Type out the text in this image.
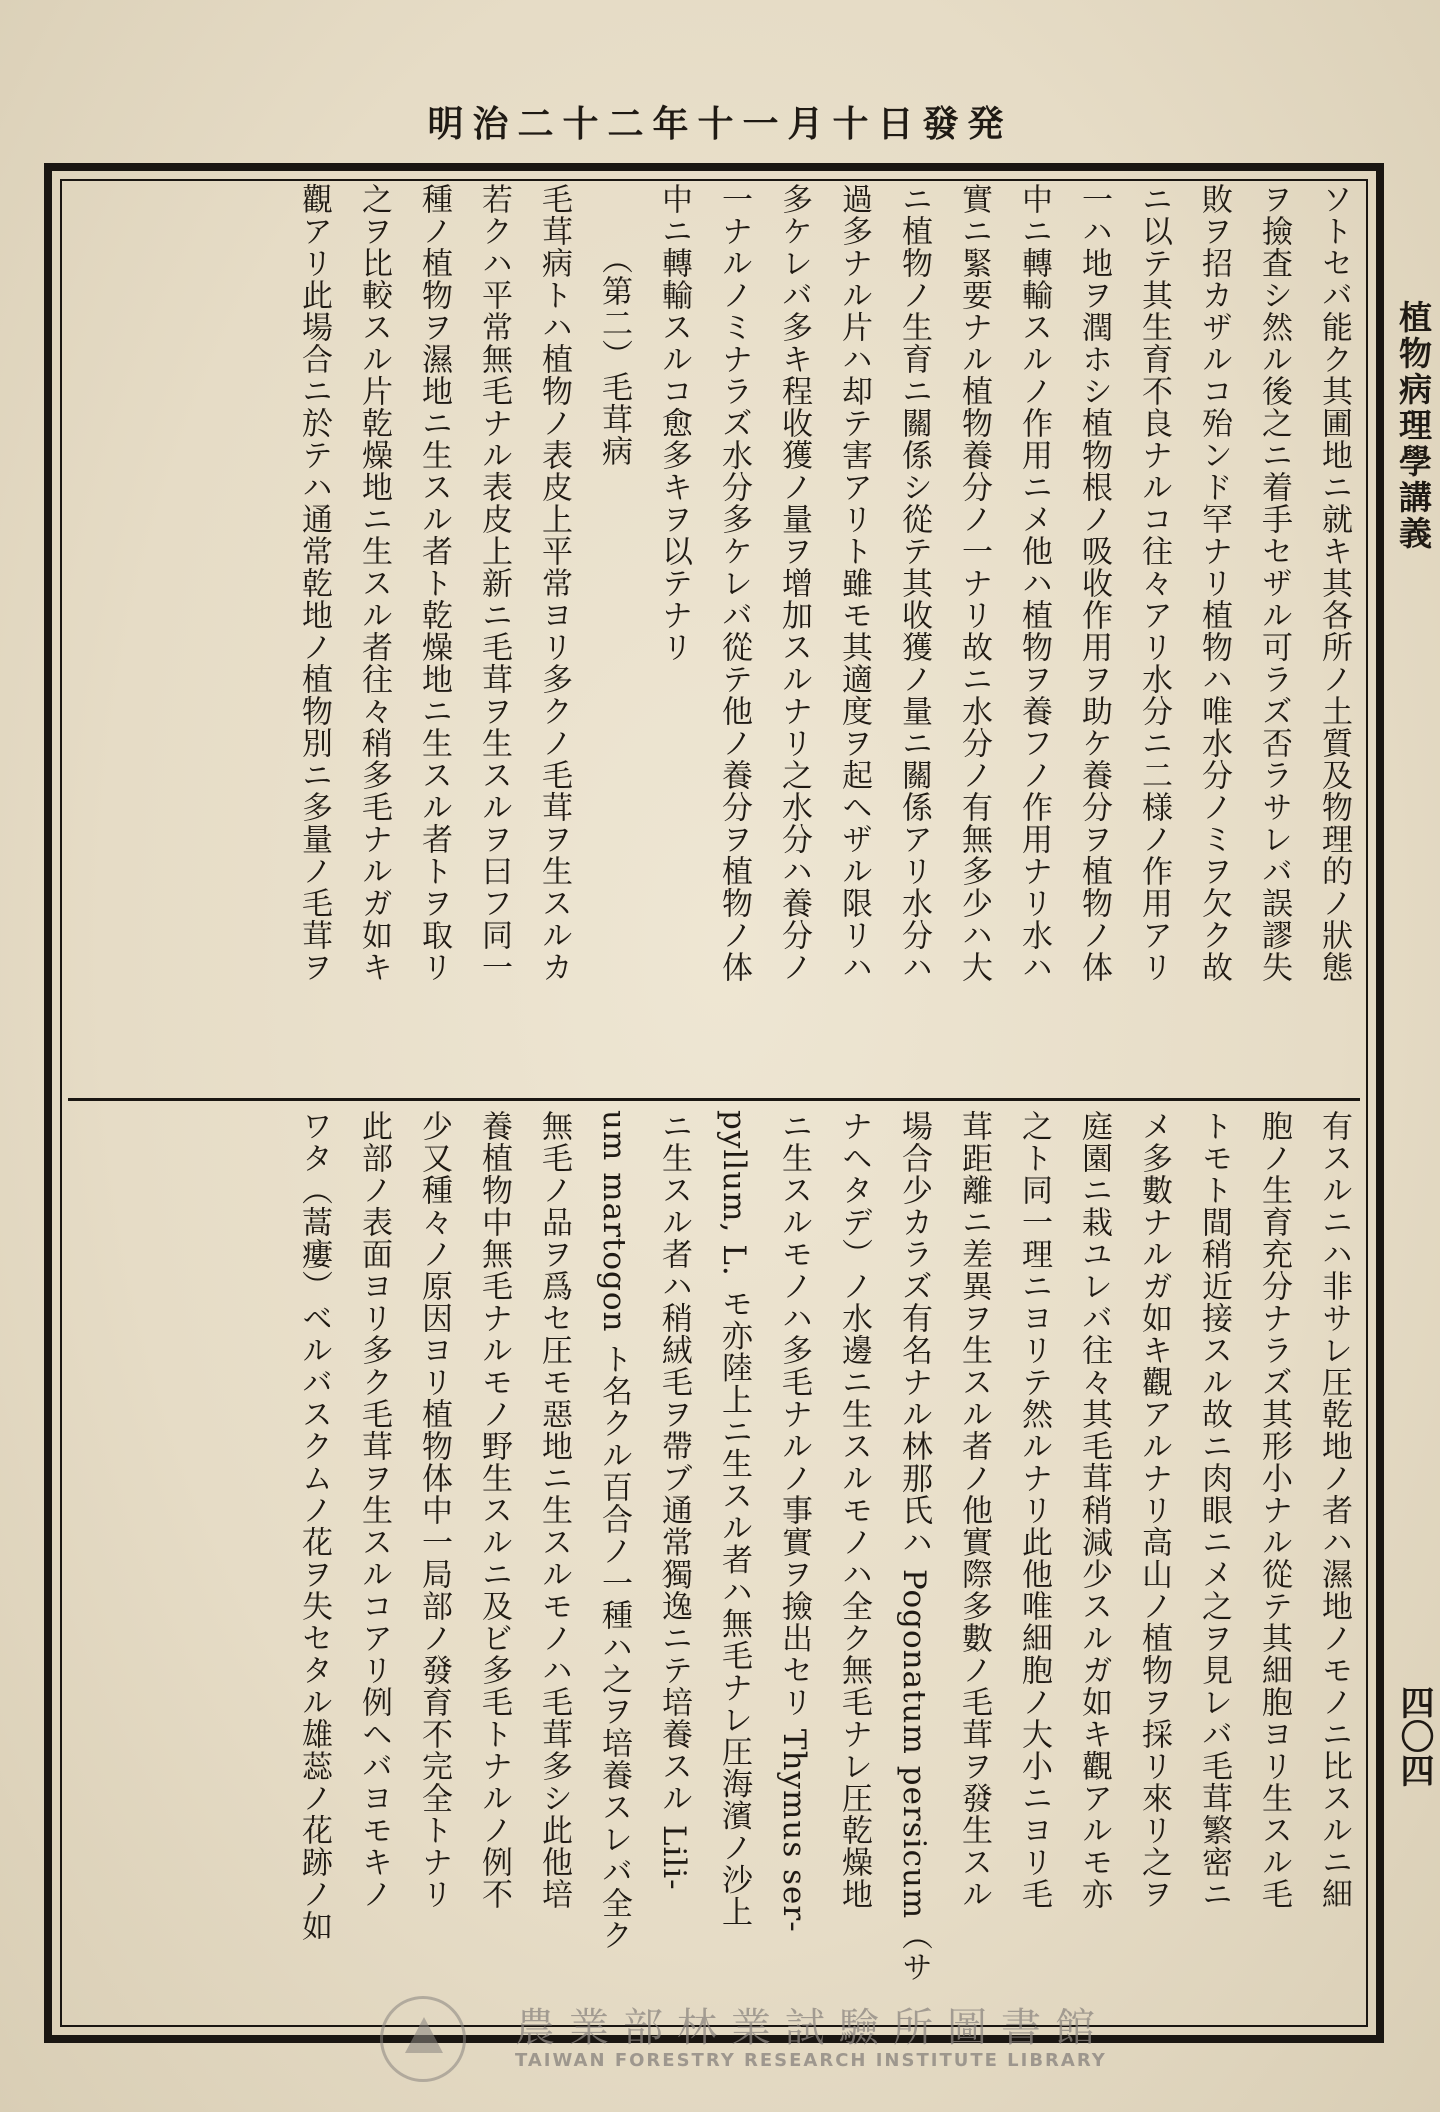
明治二十二年十一月十日發発
植物病理學講義
四〇四
ソトセバ能ク其圃地ニ就キ其各所ノ土質及物理的ノ狀態
ヲ撿査シ然ル後之ニ着手セザル可ラズ否ラサレバ誤謬失
敗ヲ招カザルコ殆ンド罕ナリ植物ハ唯水分ノミヲ欠ク故
ニ以テ其生育不良ナルコ往々アリ水分ニ二様ノ作用アリ
一ハ地ヲ潤ホシ植物根ノ吸收作用ヲ助ケ養分ヲ植物ノ体
中ニ轉輸スルノ作用ニメ他ハ植物ヲ養フノ作用ナリ水ハ
實ニ緊要ナル植物養分ノ一ナリ故ニ水分ノ有無多少ハ大
ニ植物ノ生育ニ關係シ從テ其收獲ノ量ニ關係アリ水分ハ
過多ナル片ハ却テ害アリト雖モ其適度ヲ起ヘザル限リハ
多ケレバ多キ程收獲ノ量ヲ增加スルナリ之水分ハ養分ノ
一ナルノミナラズ水分多ケレバ從テ他ノ養分ヲ植物ノ体
中ニ轉輸スルコ愈多キヲ以テナリ
（第二）毛茸病
毛茸病トハ植物ノ表皮上平常ヨリ多クノ毛茸ヲ生スルカ
若クハ平常無毛ナル表皮上新ニ毛茸ヲ生スルヲ曰フ同一
種ノ植物ヲ濕地ニ生スル者ト乾燥地ニ生スル者トヲ取リ
之ヲ比較スル片乾燥地ニ生スル者往々稍多毛ナルガ如キ
觀アリ此場合ニ於テハ通常乾地ノ植物別ニ多量ノ毛茸ヲ
有スルニハ非サレ圧乾地ノ者ハ濕地ノモノニ比スルニ細
胞ノ生育充分ナラズ其形小ナル從テ其細胞ヨリ生スル毛
トモト間稍近接スル故ニ肉眼ニメ之ヲ見レバ毛茸繁密ニ
メ多數ナルガ如キ觀アルナリ高山ノ植物ヲ採リ來リ之ヲ
庭園ニ栽ユレバ往々其毛茸稍減少スルガ如キ觀アルモ亦
之ト同一理ニヨリテ然ルナリ此他唯細胞ノ大小ニヨリ毛
茸距離ニ差異ヲ生スル者ノ他實際多數ノ毛茸ヲ發生スル
場合少カラズ有名ナル林那氏ハ Pogonatum persicum（サ
ナヘタデ）ノ水邊ニ生スルモノハ全ク無毛ナレ圧乾燥地
ニ生スルモノハ多毛ナルノ事實ヲ撿出セリ Thymus ser-
pyllum, L. モ亦陸上ニ生スル者ハ無毛ナレ圧海濱ノ沙上
ニ生スル者ハ稍絨毛ヲ帶ブ通常獨逸ニテ培養スル Lili-
um martogon ト名クル百合ノ一種ハ之ヲ培養スレバ全ク
無毛ノ品ヲ爲セ圧モ惡地ニ生スルモノハ毛茸多シ此他培
養植物中無毛ナルモノ野生スルニ及ビ多毛トナルノ例不
少又種々ノ原因ヨリ植物体中一局部ノ發育不完全トナリ
此部ノ表面ヨリ多ク毛茸ヲ生スルコアリ例ヘバヨモキノ
ワタ（蒿瘻）ベルバスクムノ花ヲ失セタル雄蕊ノ花跡ノ如
農業部林業試驗所圖書館
TAIWAN FORESTRY RESEARCH INSTITUTE LIBRARY
